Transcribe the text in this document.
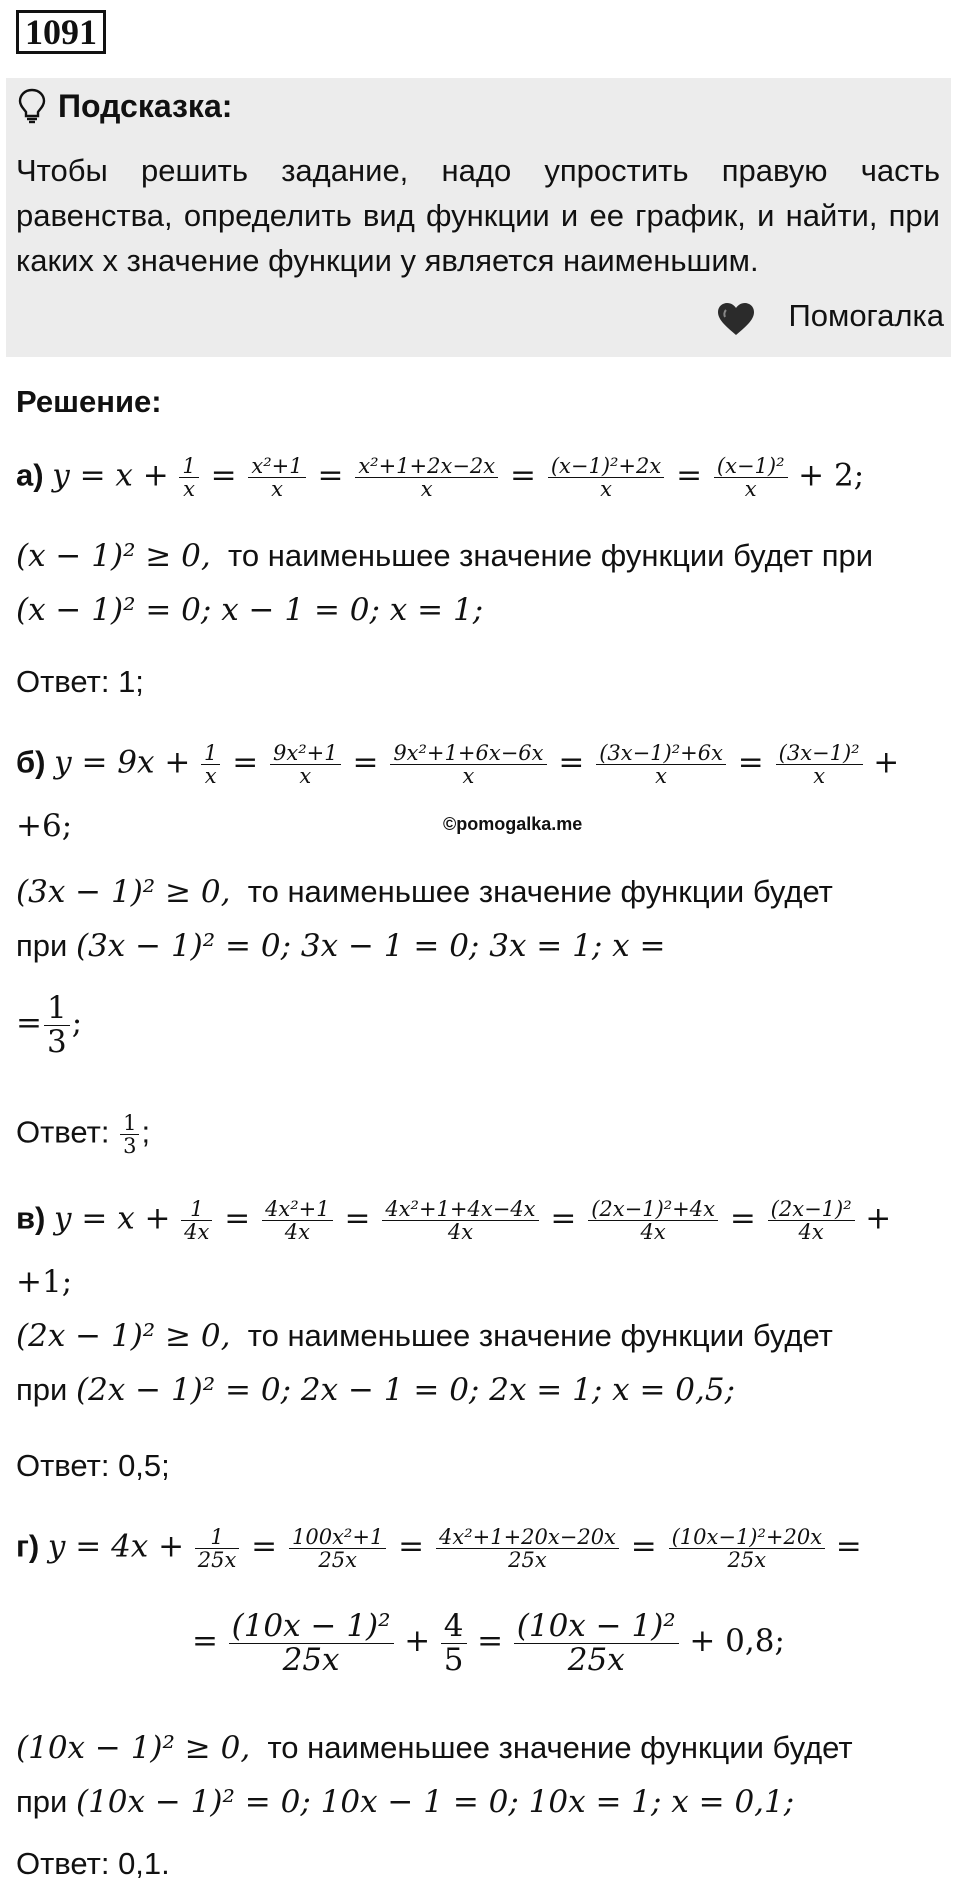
1091
Подсказка:
Чтобы решить задание, надо упростить правую часть равенства, определить вид функции и ее график, и найти, при каких x значение функции y является наименьшим.
Помогалка
Решение:
а) $y = x + \frac{1}{x} = \frac{\text{x²+1}}{x} = \frac{\text{x²+1+2x−2x}}{x} = \frac{\text{(x−1)²+2x}}{x} = \frac{\text{(x−1)²}}{x} + 2$;
(x − 1)² ≥ 0, то наименьшее значение функции будет при
(x − 1)² = 0; x − 1 = 0; x = 1;
Ответ: 1;
б) $y = 9x + \frac{1}{x} = \frac{\text{9x²+1}}{x} = \frac{\text{9x²+1+6x−6x}}{x} = \frac{\text{(3x−1)²+6x}}{x} = \frac{\text{(3x−1)²}}{x}$ +
+6;	©pomogalka.me
(3x − 1)² ≥ 0, то наименьшее значение функции будет
при (3x − 1)² = 0; 3x − 1 = 0; 3x = 1; x =
= $\frac{1}{3}$ ;
Ответ: $\frac{1}{3}$ ;
в) $y = x + \frac{1}{4x} = \frac{\text{4x²+1}}{4x} = \frac{\text{4x²+1+4x−4x}}{4x} = \frac{\text{(2x−1)²+4x}}{4x} = \frac{\text{(2x−1)²}}{4x}$ +
+1;
(2x − 1)² ≥ 0, то наименьшее значение функции будет
при (2x − 1)² = 0; 2x − 1 = 0; 2x = 1; x = 0,5;
Ответ: 0,5;
г) $y = 4x + \frac{1}{25x} = \frac{\text{100x²+1}}{25x} = \frac{\text{4x²+1+20x−20x}}{25x} = \frac{\text{(10x−1)²+20x}}{25x}$ =
= $\frac{\text{(10x − 1)²}}{25x} + \frac{4}{5} = \frac{\text{(10x − 1)²}}{25x} + 0,8$;
(10x − 1)² ≥ 0, то наименьшее значение функции будет
при (10x − 1)² = 0; 10x − 1 = 0; 10x = 1; x = 0,1;
Ответ: 0,1.
